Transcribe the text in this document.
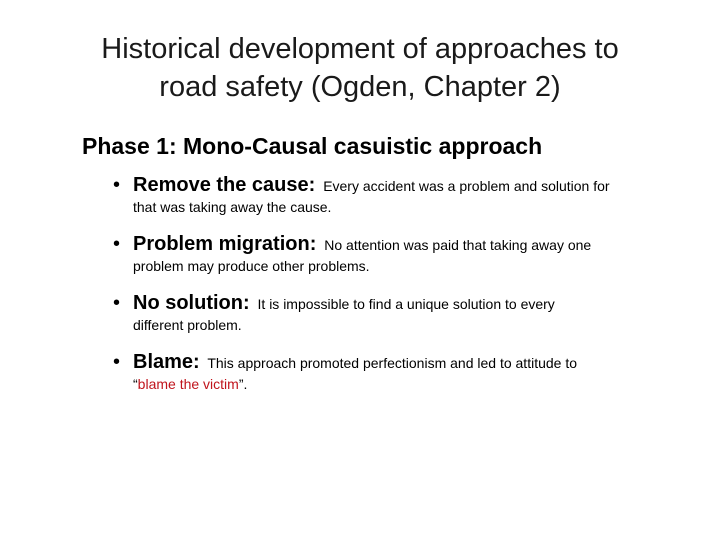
Historical development of approaches to
road safety (Ogden, Chapter 2)
Phase 1: Mono-Causal casuistic approach
• Remove the cause: Every accident was a problem and solution for
that was taking away the cause.
• Problem migration: No attention was paid that taking away one
problem may produce other problems.
• No solution: It is impossible to find a unique solution to every
different problem.
• Blame: This approach promoted perfectionism and led to attitude to
“blame the victim”.
